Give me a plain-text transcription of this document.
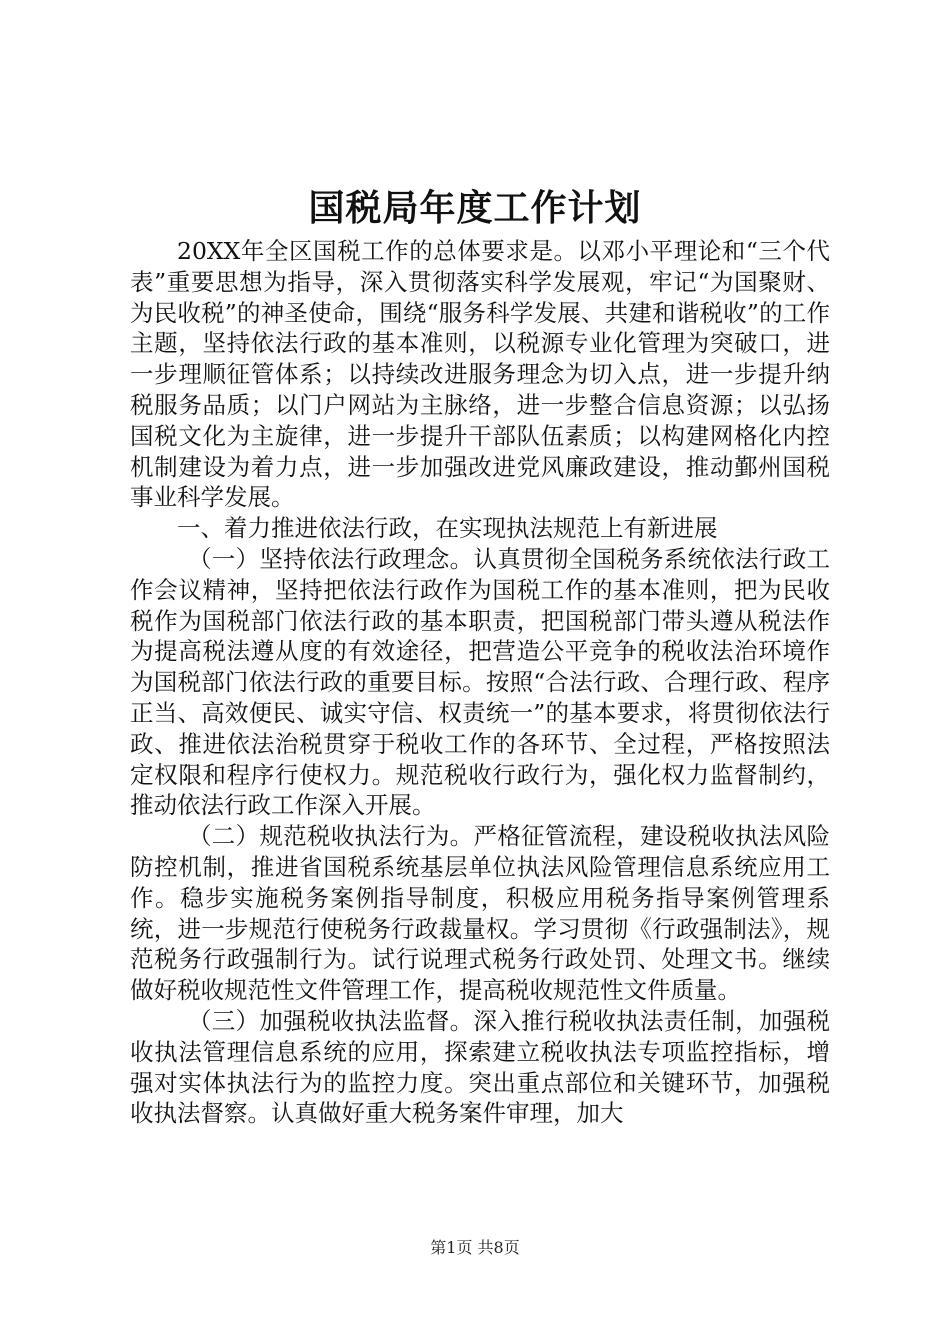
国税局年度工作计划

20XX年全区国税工作的总体要求是。以邓小平理论和“三个代表”重要思想为指导，深入贯彻落实科学发展观，牢记“为国聚财、为民收税”的神圣使命，围绕“服务科学发展、共建和谐税收”的工作主题，坚持依法行政的基本准则，以税源专业化管理为突破口，进一步理顺征管体系；以持续改进服务理念为切入点，进一步提升纳税服务品质；以门户网站为主脉络，进一步整合信息资源；以弘扬国税文化为主旋律，进一步提升干部队伍素质；以构建网格化内控机制建设为着力点，进一步加强改进党风廉政建设，推动鄞州国税事业科学发展。

一、着力推进依法行政，在实现执法规范上有新进展

（一）坚持依法行政理念。认真贯彻全国税务系统依法行政工作会议精神，坚持把依法行政作为国税工作的基本准则，把为民收税作为国税部门依法行政的基本职责，把国税部门带头遵从税法作为提高税法遵从度的有效途径，把营造公平竞争的税收法治环境作为国税部门依法行政的重要目标。按照“合法行政、合理行政、程序正当、高效便民、诚实守信、权责统一”的基本要求，将贯彻依法行政、推进依法治税贯穿于税收工作的各环节、全过程，严格按照法定权限和程序行使权力。规范税收行政行为，强化权力监督制约，推动依法行政工作深入开展。

（二）规范税收执法行为。严格征管流程，建设税收执法风险防控机制，推进省国税系统基层单位执法风险管理信息系统应用工作。稳步实施税务案例指导制度，积极应用税务指导案例管理系统，进一步规范行使税务行政裁量权。学习贯彻《行政强制法》，规范税务行政强制行为。试行说理式税务行政处罚、处理文书。继续做好税收规范性文件管理工作，提高税收规范性文件质量。

（三）加强税收执法监督。深入推行税收执法责任制，加强税收执法管理信息系统的应用，探索建立税收执法专项监控指标，增强对实体执法行为的监控力度。突出重点部位和关键环节，加强税收执法督察。认真做好重大税务案件审理，加大

第1页 共8页
